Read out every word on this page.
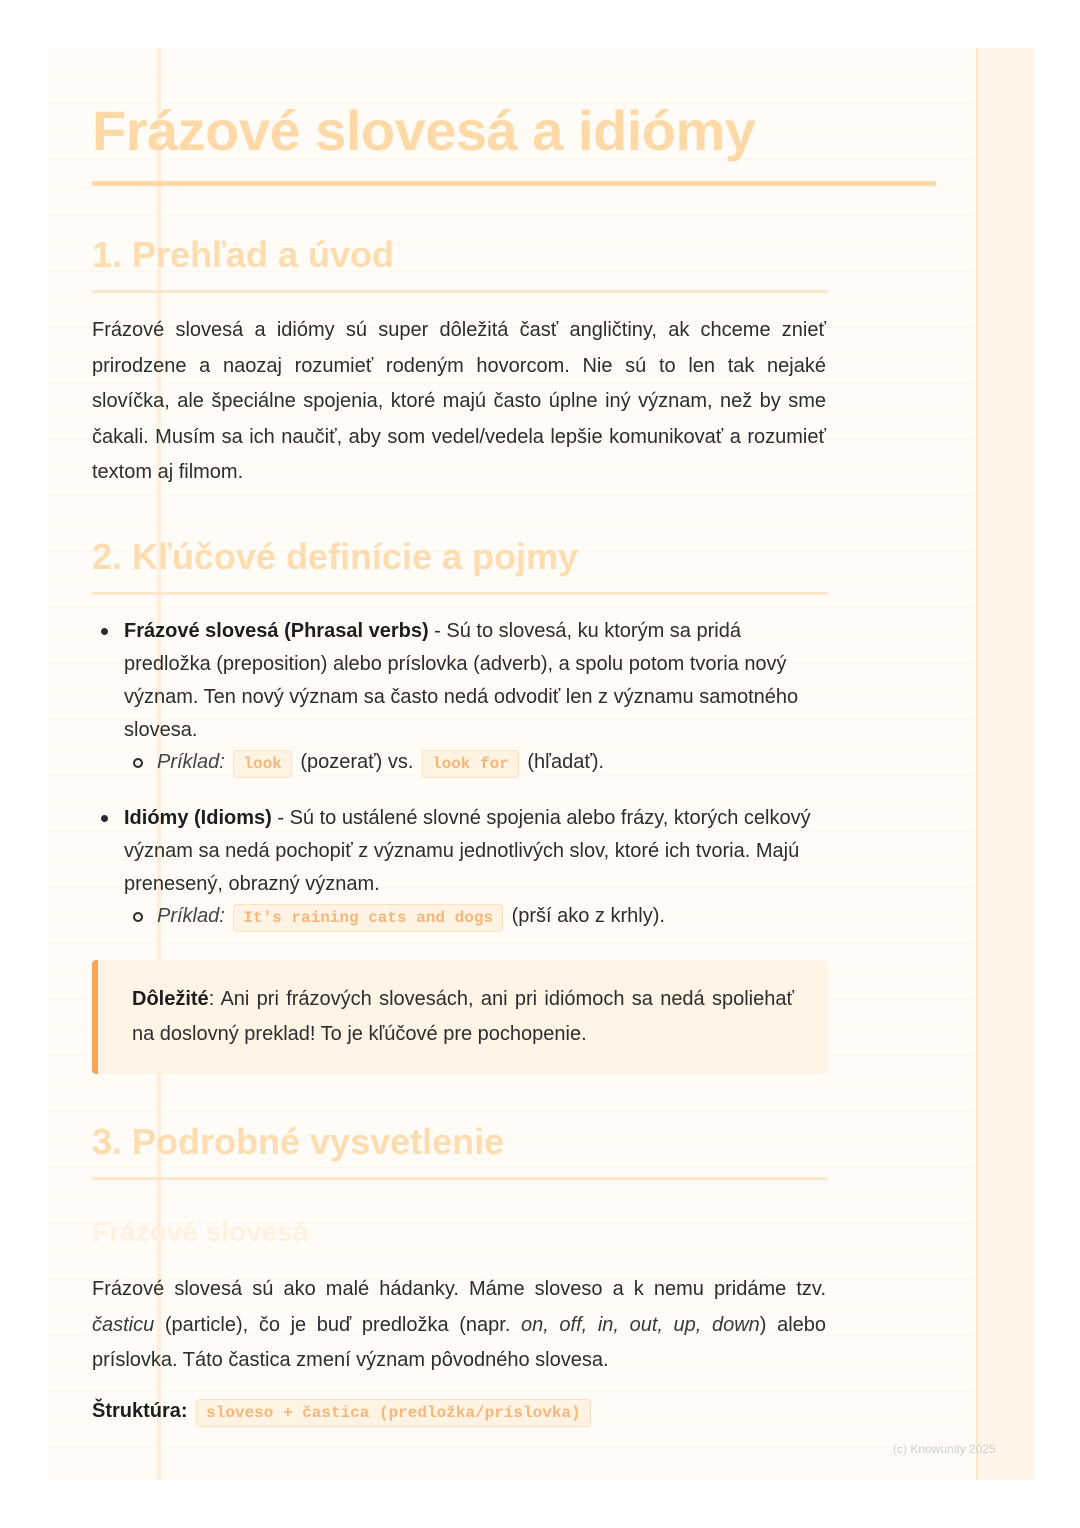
Frázové slovesá a idiómy
1. Prehľad a úvod

Frázové slovesá a idiómy sú super dôležitá časť angličtiny, ak chceme znieť prirodzene a naozaj rozumieť rodeným hovorcom. Nie sú to len tak nejaké slovíčka, ale špeciálne spojenia, ktoré majú často úplne iný význam, než by sme čakali. Musím sa ich naučiť, aby som vedel/vedela lepšie komunikovať a rozumieť textom aj filmom.

2. Kľúčové definície a pojmy
Frázové slovesá (Phrasal verbs) - Sú to slovesá, ku ktorým sa pridá predložka (preposition) alebo príslovka (adverb), a spolu potom tvoria nový význam. Ten nový význam sa často nedá odvodiť len z významu samotného slovesa.
Príklad: look (pozerať) vs. look for (hľadať).
Idiómy (Idioms) - Sú to ustálené slovné spojenia alebo frázy, ktorých celkový význam sa nedá pochopiť z významu jednotlivých slov, ktoré ich tvoria. Majú prenesený, obrazný význam.
Príklad: It's raining cats and dogs (prší ako z krhly).

Dôležité: Ani pri frázových slovesách, ani pri idiómoch sa nedá spoliehať na doslovný preklad! To je kľúčové pre pochopenie.

3. Podrobné vysvetlenie
Frázové slovesá

Frázové slovesá sú ako malé hádanky. Máme sloveso a k nemu pridáme tzv. časticu (particle), čo je buď predložka (napr. on, off, in, out, up, down) alebo príslovka. Táto častica zmení význam pôvodného slovesa.

Štruktúra: sloveso + častica (predložka/príslovka)
(c) Knowunity 2025
